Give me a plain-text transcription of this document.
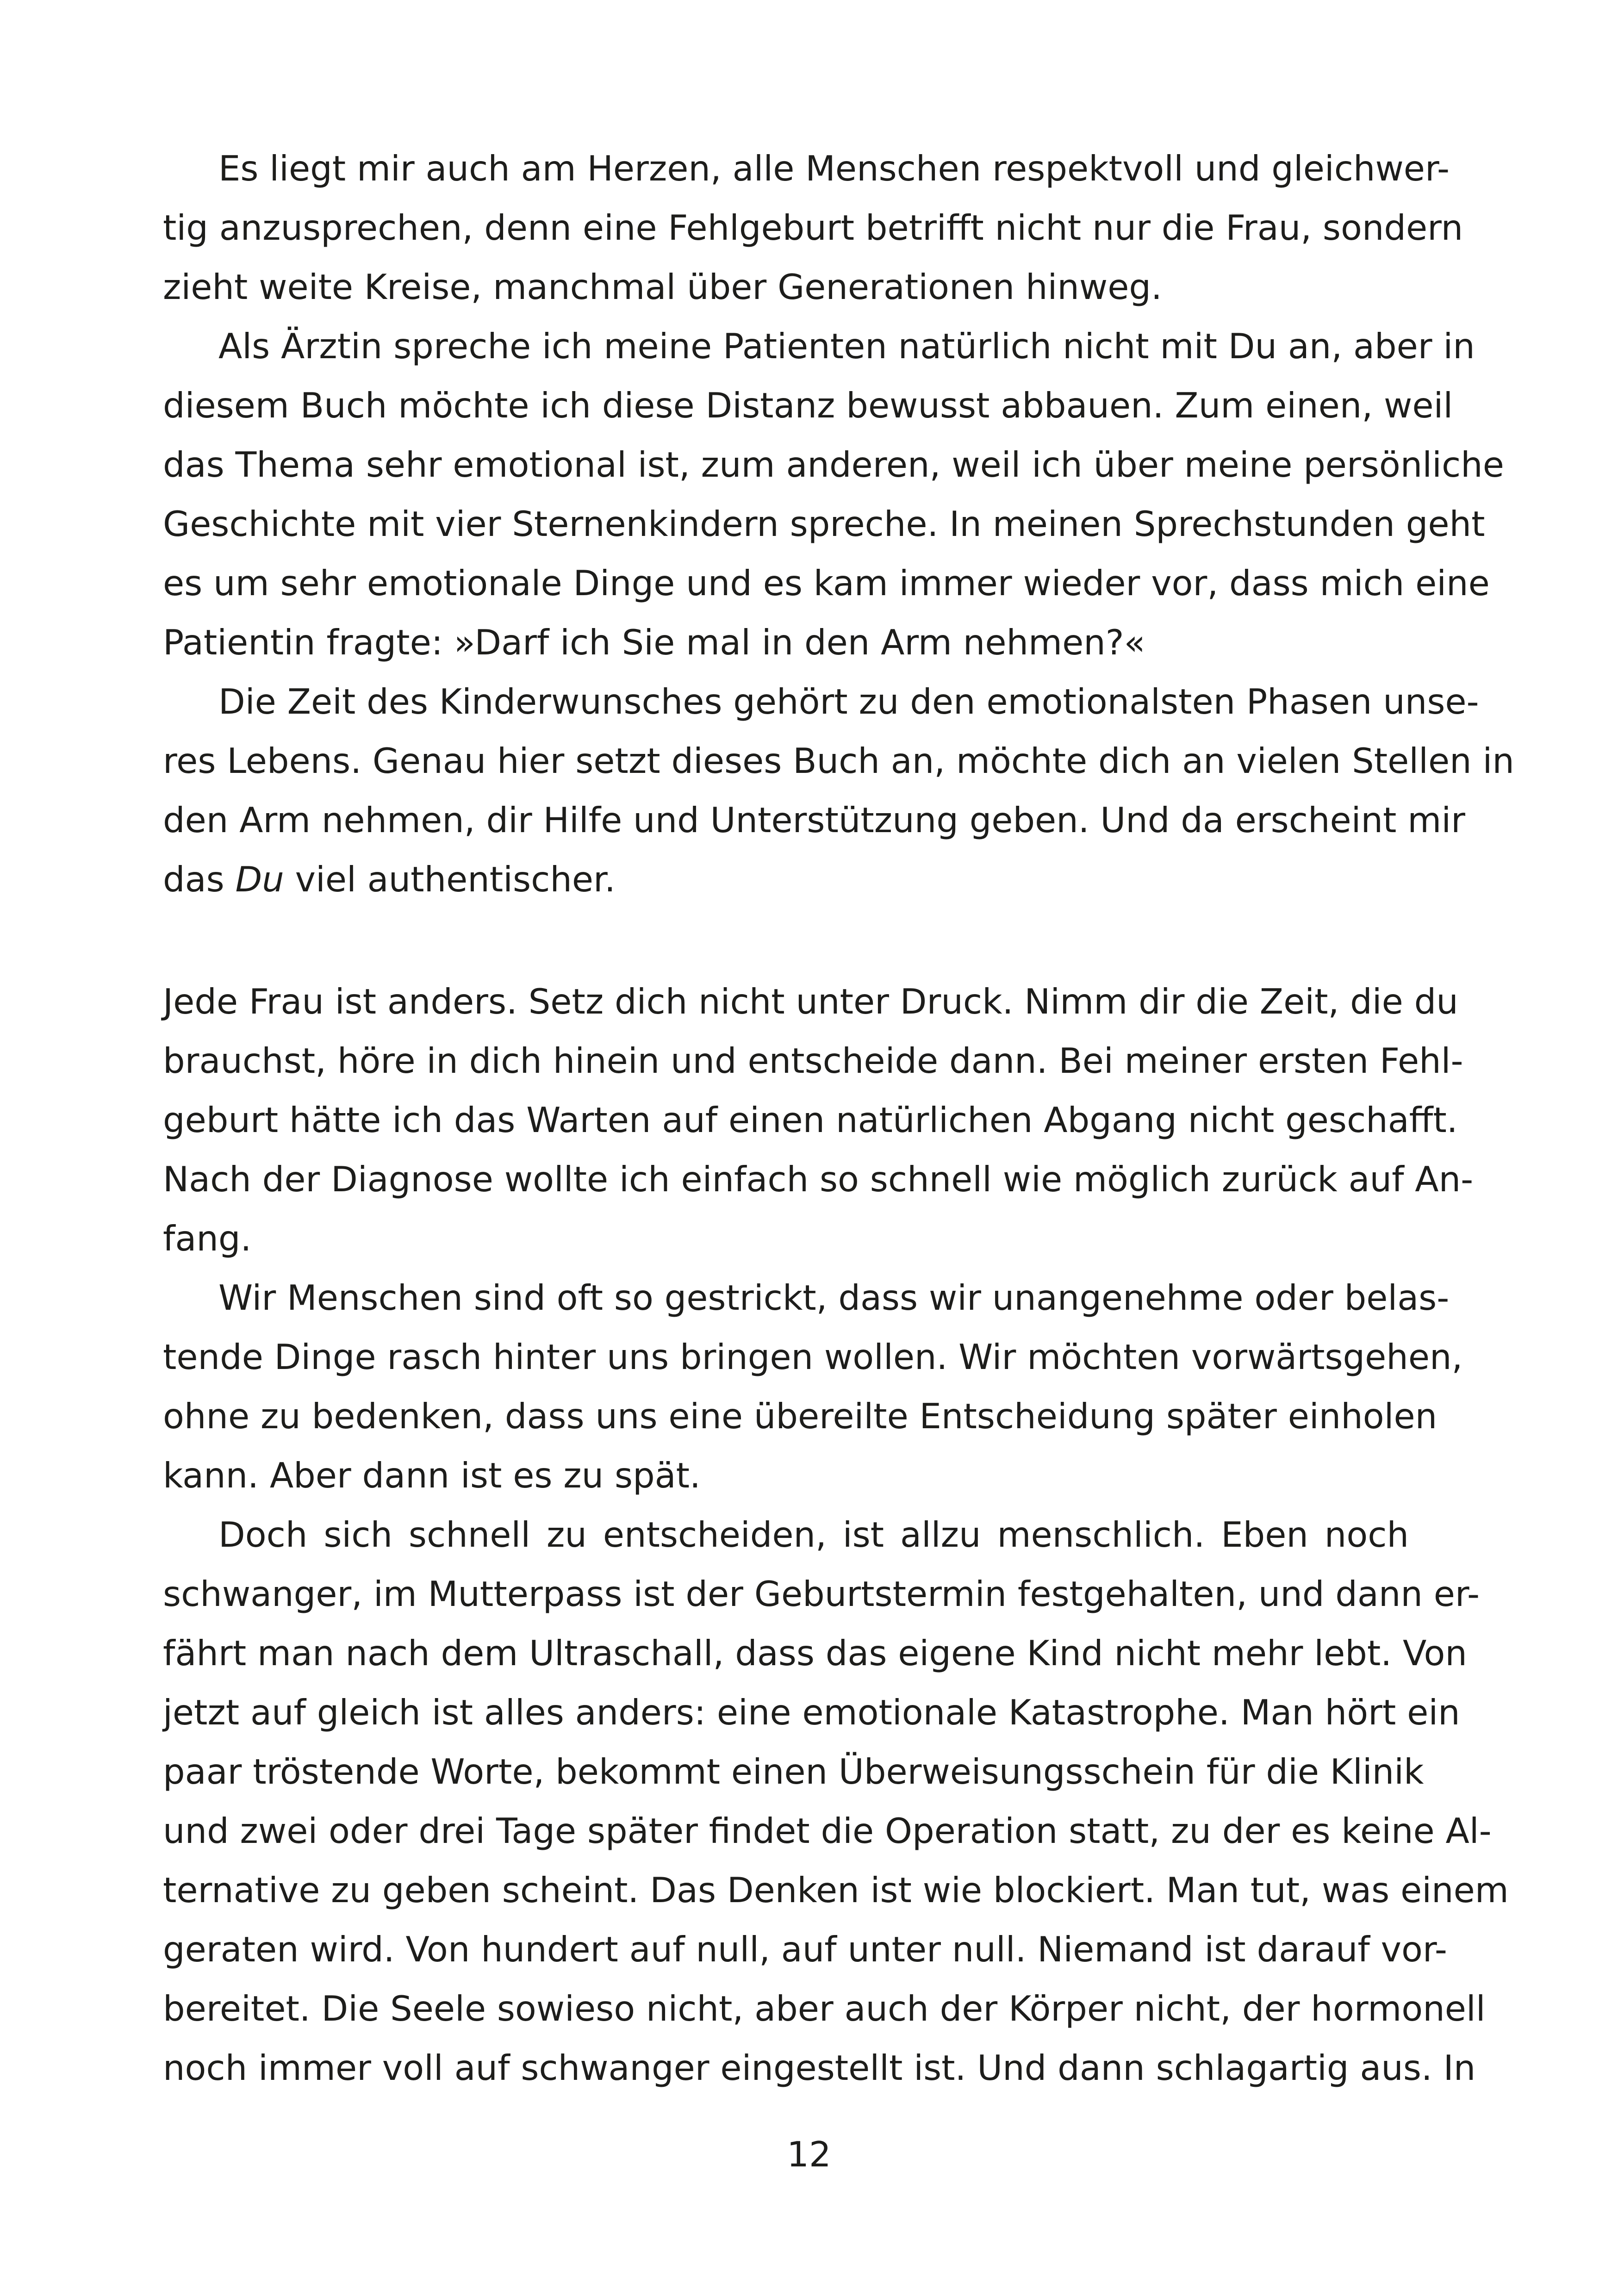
Es liegt mir auch am Herzen, alle Menschen respektvoll und gleichwer-
tig anzusprechen, denn eine Fehlgeburt betrifft nicht nur die Frau, sondern
zieht weite Kreise, manchmal über Generationen hinweg.
Als Ärztin spreche ich meine Patienten natürlich nicht mit Du an, aber in
diesem Buch möchte ich diese Distanz bewusst abbauen. Zum einen, weil
das Thema sehr emotional ist, zum anderen, weil ich über meine persönliche
Geschichte mit vier Sternenkindern spreche. In meinen Sprechstunden geht
es um sehr emotionale Dinge und es kam immer wieder vor, dass mich eine
Patientin fragte: »Darf ich Sie mal in den Arm nehmen?«
Die Zeit des Kinderwunsches gehört zu den emotionalsten Phasen unse-
res Lebens. Genau hier setzt dieses Buch an, möchte dich an vielen Stellen in
den Arm nehmen, dir Hilfe und Unterstützung geben. Und da erscheint mir
das Du viel authentischer.
Jede Frau ist anders. Setz dich nicht unter Druck. Nimm dir die Zeit, die du
brauchst, höre in dich hinein und entscheide dann. Bei meiner ersten Fehl-
geburt hätte ich das Warten auf einen natürlichen Abgang nicht geschafft.
Nach der Diagnose wollte ich einfach so schnell wie möglich zurück auf An-
fang.
Wir Menschen sind oft so gestrickt, dass wir unangenehme oder belas-
tende Dinge rasch hinter uns bringen wollen. Wir möchten vorwärtsgehen,
ohne zu bedenken, dass uns eine übereilte Entscheidung später einholen
kann. Aber dann ist es zu spät.
Doch sich schnell zu entscheiden, ist allzu menschlich. Eben noch
schwanger, im Mutterpass ist der Geburtstermin festgehalten, und dann er-
fährt man nach dem Ultraschall, dass das eigene Kind nicht mehr lebt. Von
jetzt auf gleich ist alles anders: eine emotionale Katastrophe. Man hört ein
paar tröstende Worte, bekommt einen Überweisungsschein für die Klinik
und zwei oder drei Tage später findet die Operation statt, zu der es keine Al-
ternative zu geben scheint. Das Denken ist wie blockiert. Man tut, was einem
geraten wird. Von hundert auf null, auf unter null. Niemand ist darauf vor-
bereitet. Die Seele sowieso nicht, aber auch der Körper nicht, der hormonell
noch immer voll auf schwanger eingestellt ist. Und dann schlagartig aus. In
12
